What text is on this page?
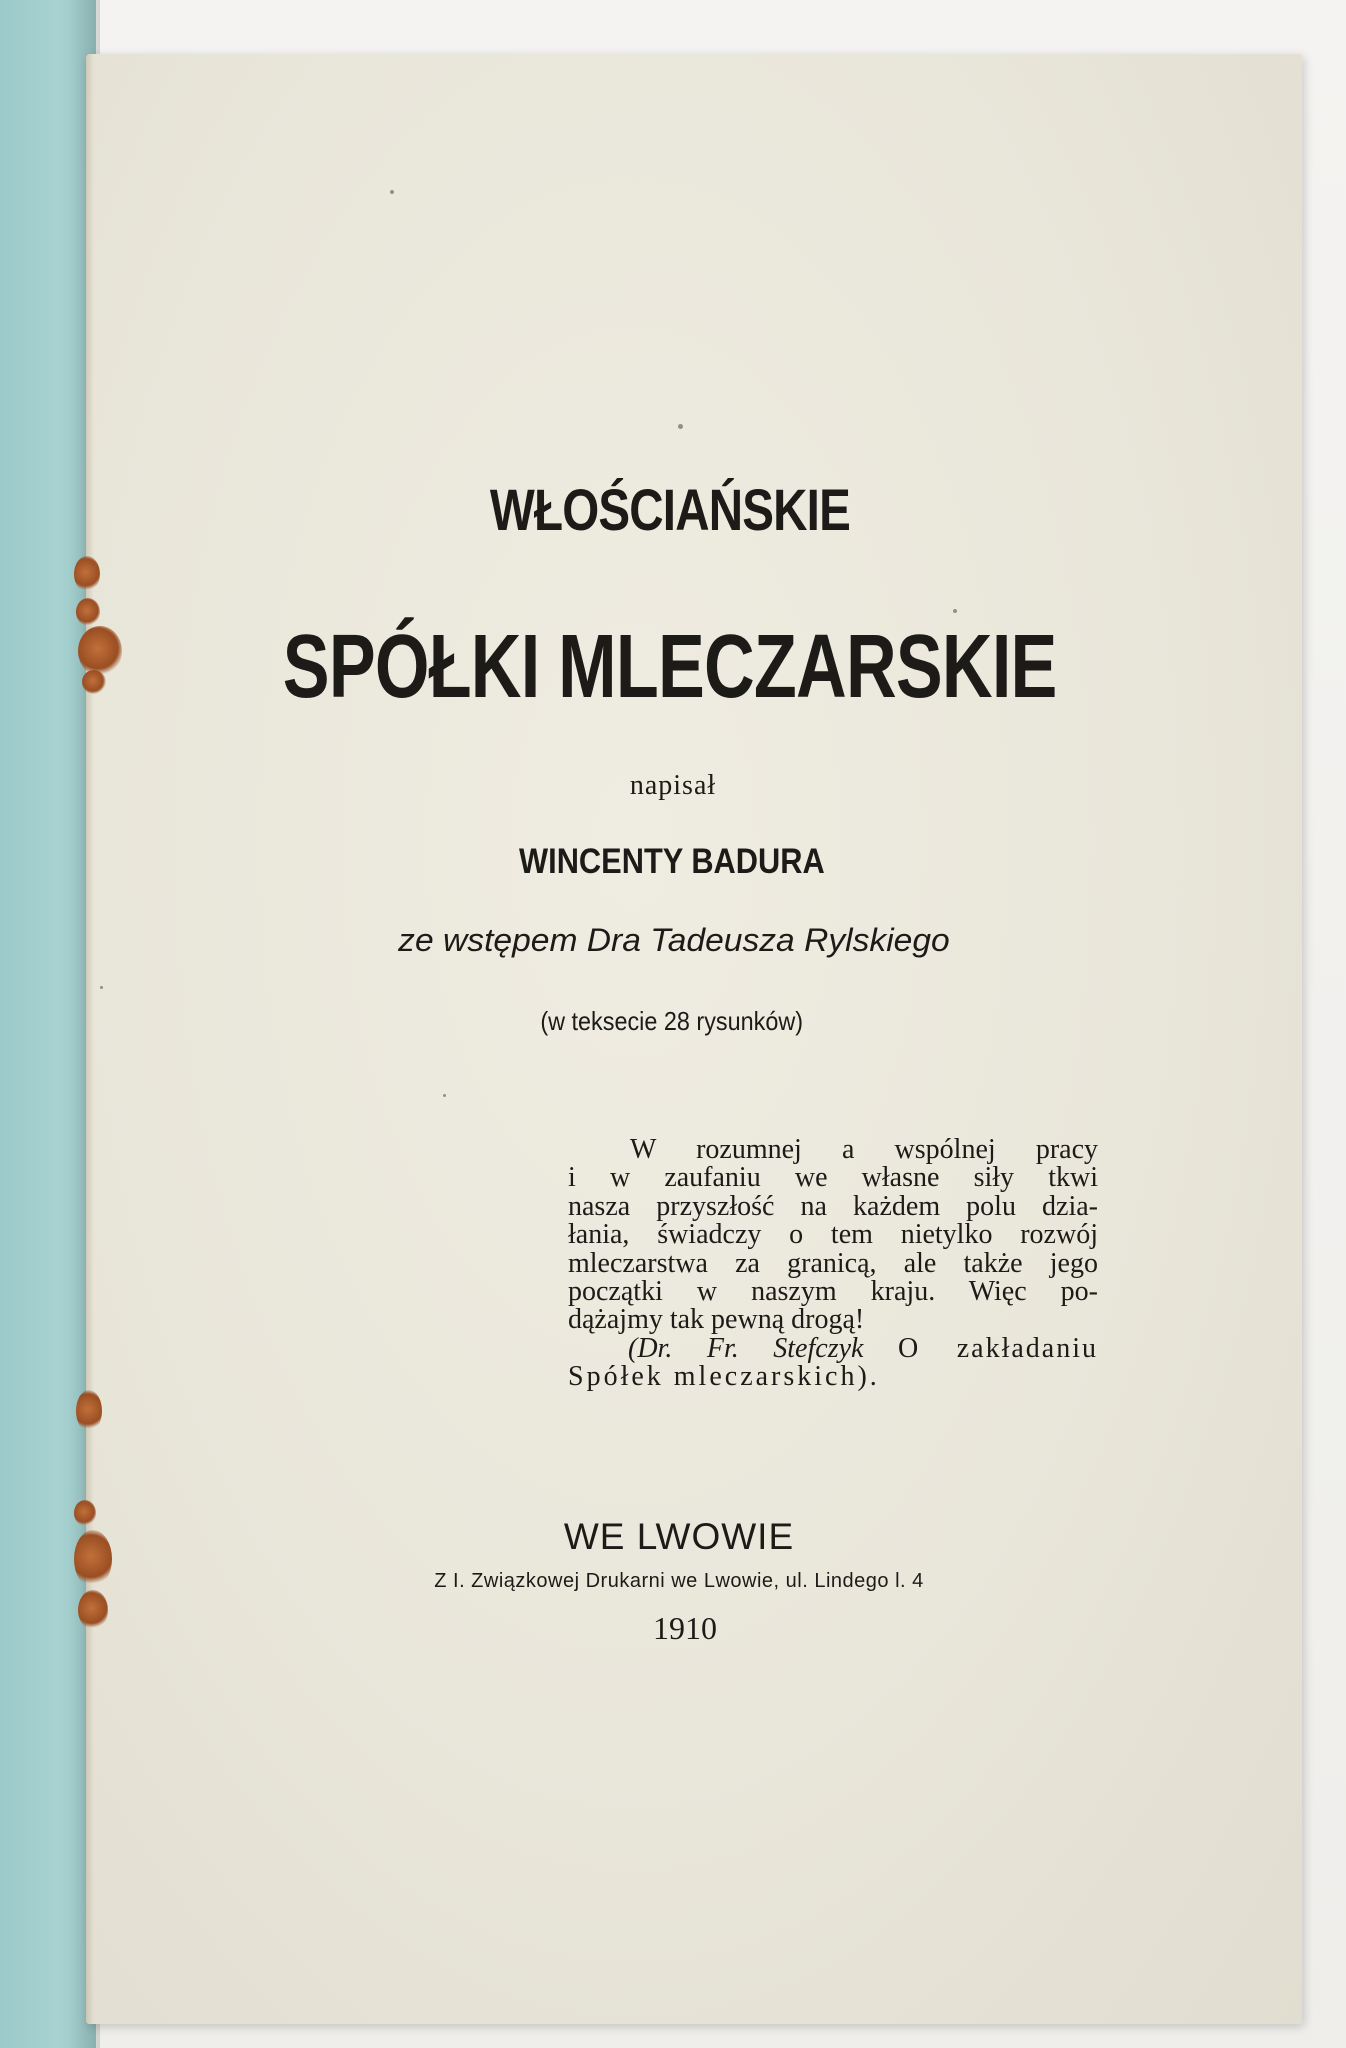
WŁOŚCIAŃSKIE
SPÓŁKI MLECZARSKIE
napisał
WINCENTY BADURA
ze wstępem Dra Tadeusza Rylskiego
(w teksecie 28 rysunków)
W rozumnej a wspólnej pracy
i w zaufaniu we własne siły tkwi
nasza przyszłość na każdem polu dzia-
łania, świadczy o tem nietylko rozwój
mleczarstwa za granicą, ale także jego
początki w naszym kraju. Więc po-
dążajmy tak pewną drogą!
(Dr. Fr. Stefczyk O zakładaniu
Spółek mleczarskich).
WE LWOWIE
Z I. Związkowej Drukarni we Lwowie, ul. Lindego l. 4
1910
